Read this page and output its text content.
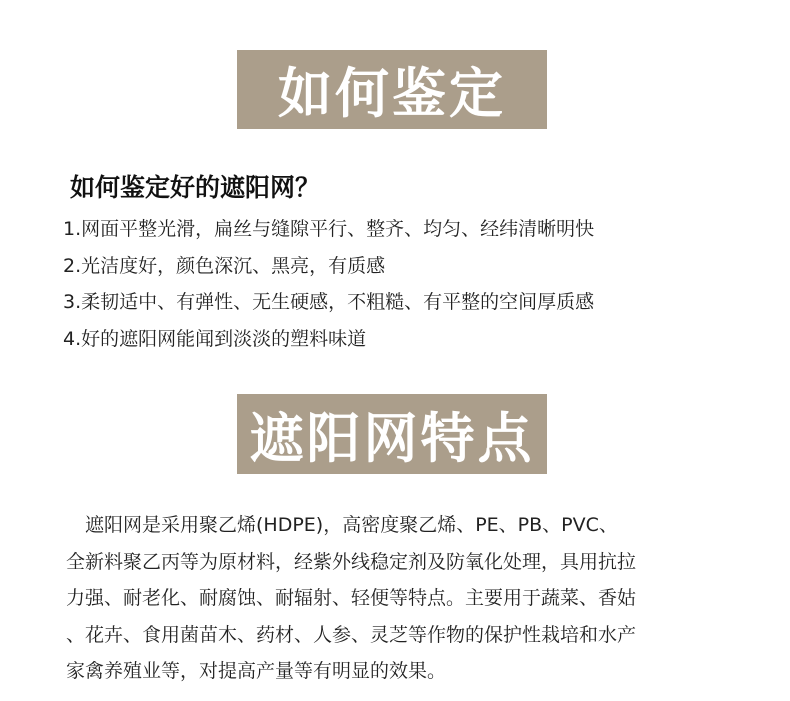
如何鉴定
如何鉴定好的遮阳网？
1.网面平整光滑，扁丝与缝隙平行、整齐、均匀、经纬清晰明快
2.光洁度好，颜色深沉、黑亮，有质感
3.柔韧适中、有弹性、无生硬感，不粗糙、有平整的空间厚质感
4.好的遮阳网能闻到淡淡的塑料味道
遮阳网特点

　遮阳网是采用聚乙烯(HDPE)，高密度聚乙烯、PE、PB、PVC、

全新料聚乙丙等为原材料，经紫外线稳定剂及防氧化处理，具用抗拉

力强、耐老化、耐腐蚀、耐辐射、轻便等特点。主要用于蔬菜、香姑

、花卉、食用菌苗木、药材、人参、灵芝等作物的保护性栽培和水产

家禽养殖业等，对提高产量等有明显的效果。
